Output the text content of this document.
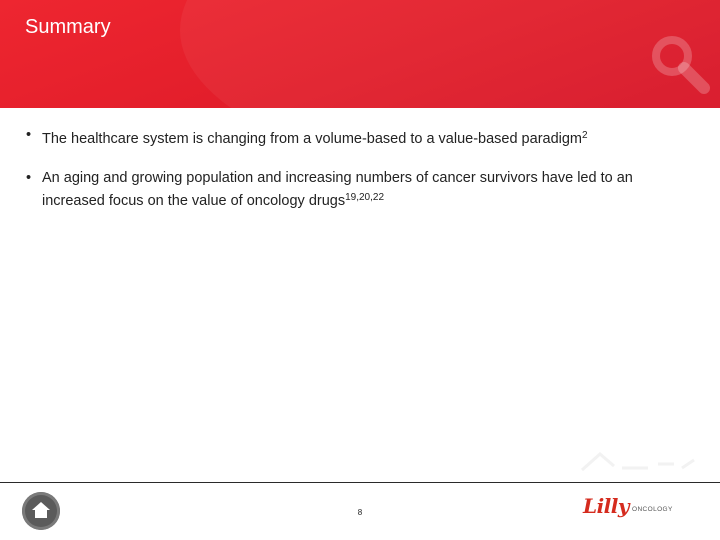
Summary
• The healthcare system is changing from a volume-based to a value-based paradigm$^2$
• An aging and growing population and increasing numbers of cancer survivors have led to an increased focus on the value of oncology drugs$^{19,20,22}$
8	Lilly ONCOLOGY
